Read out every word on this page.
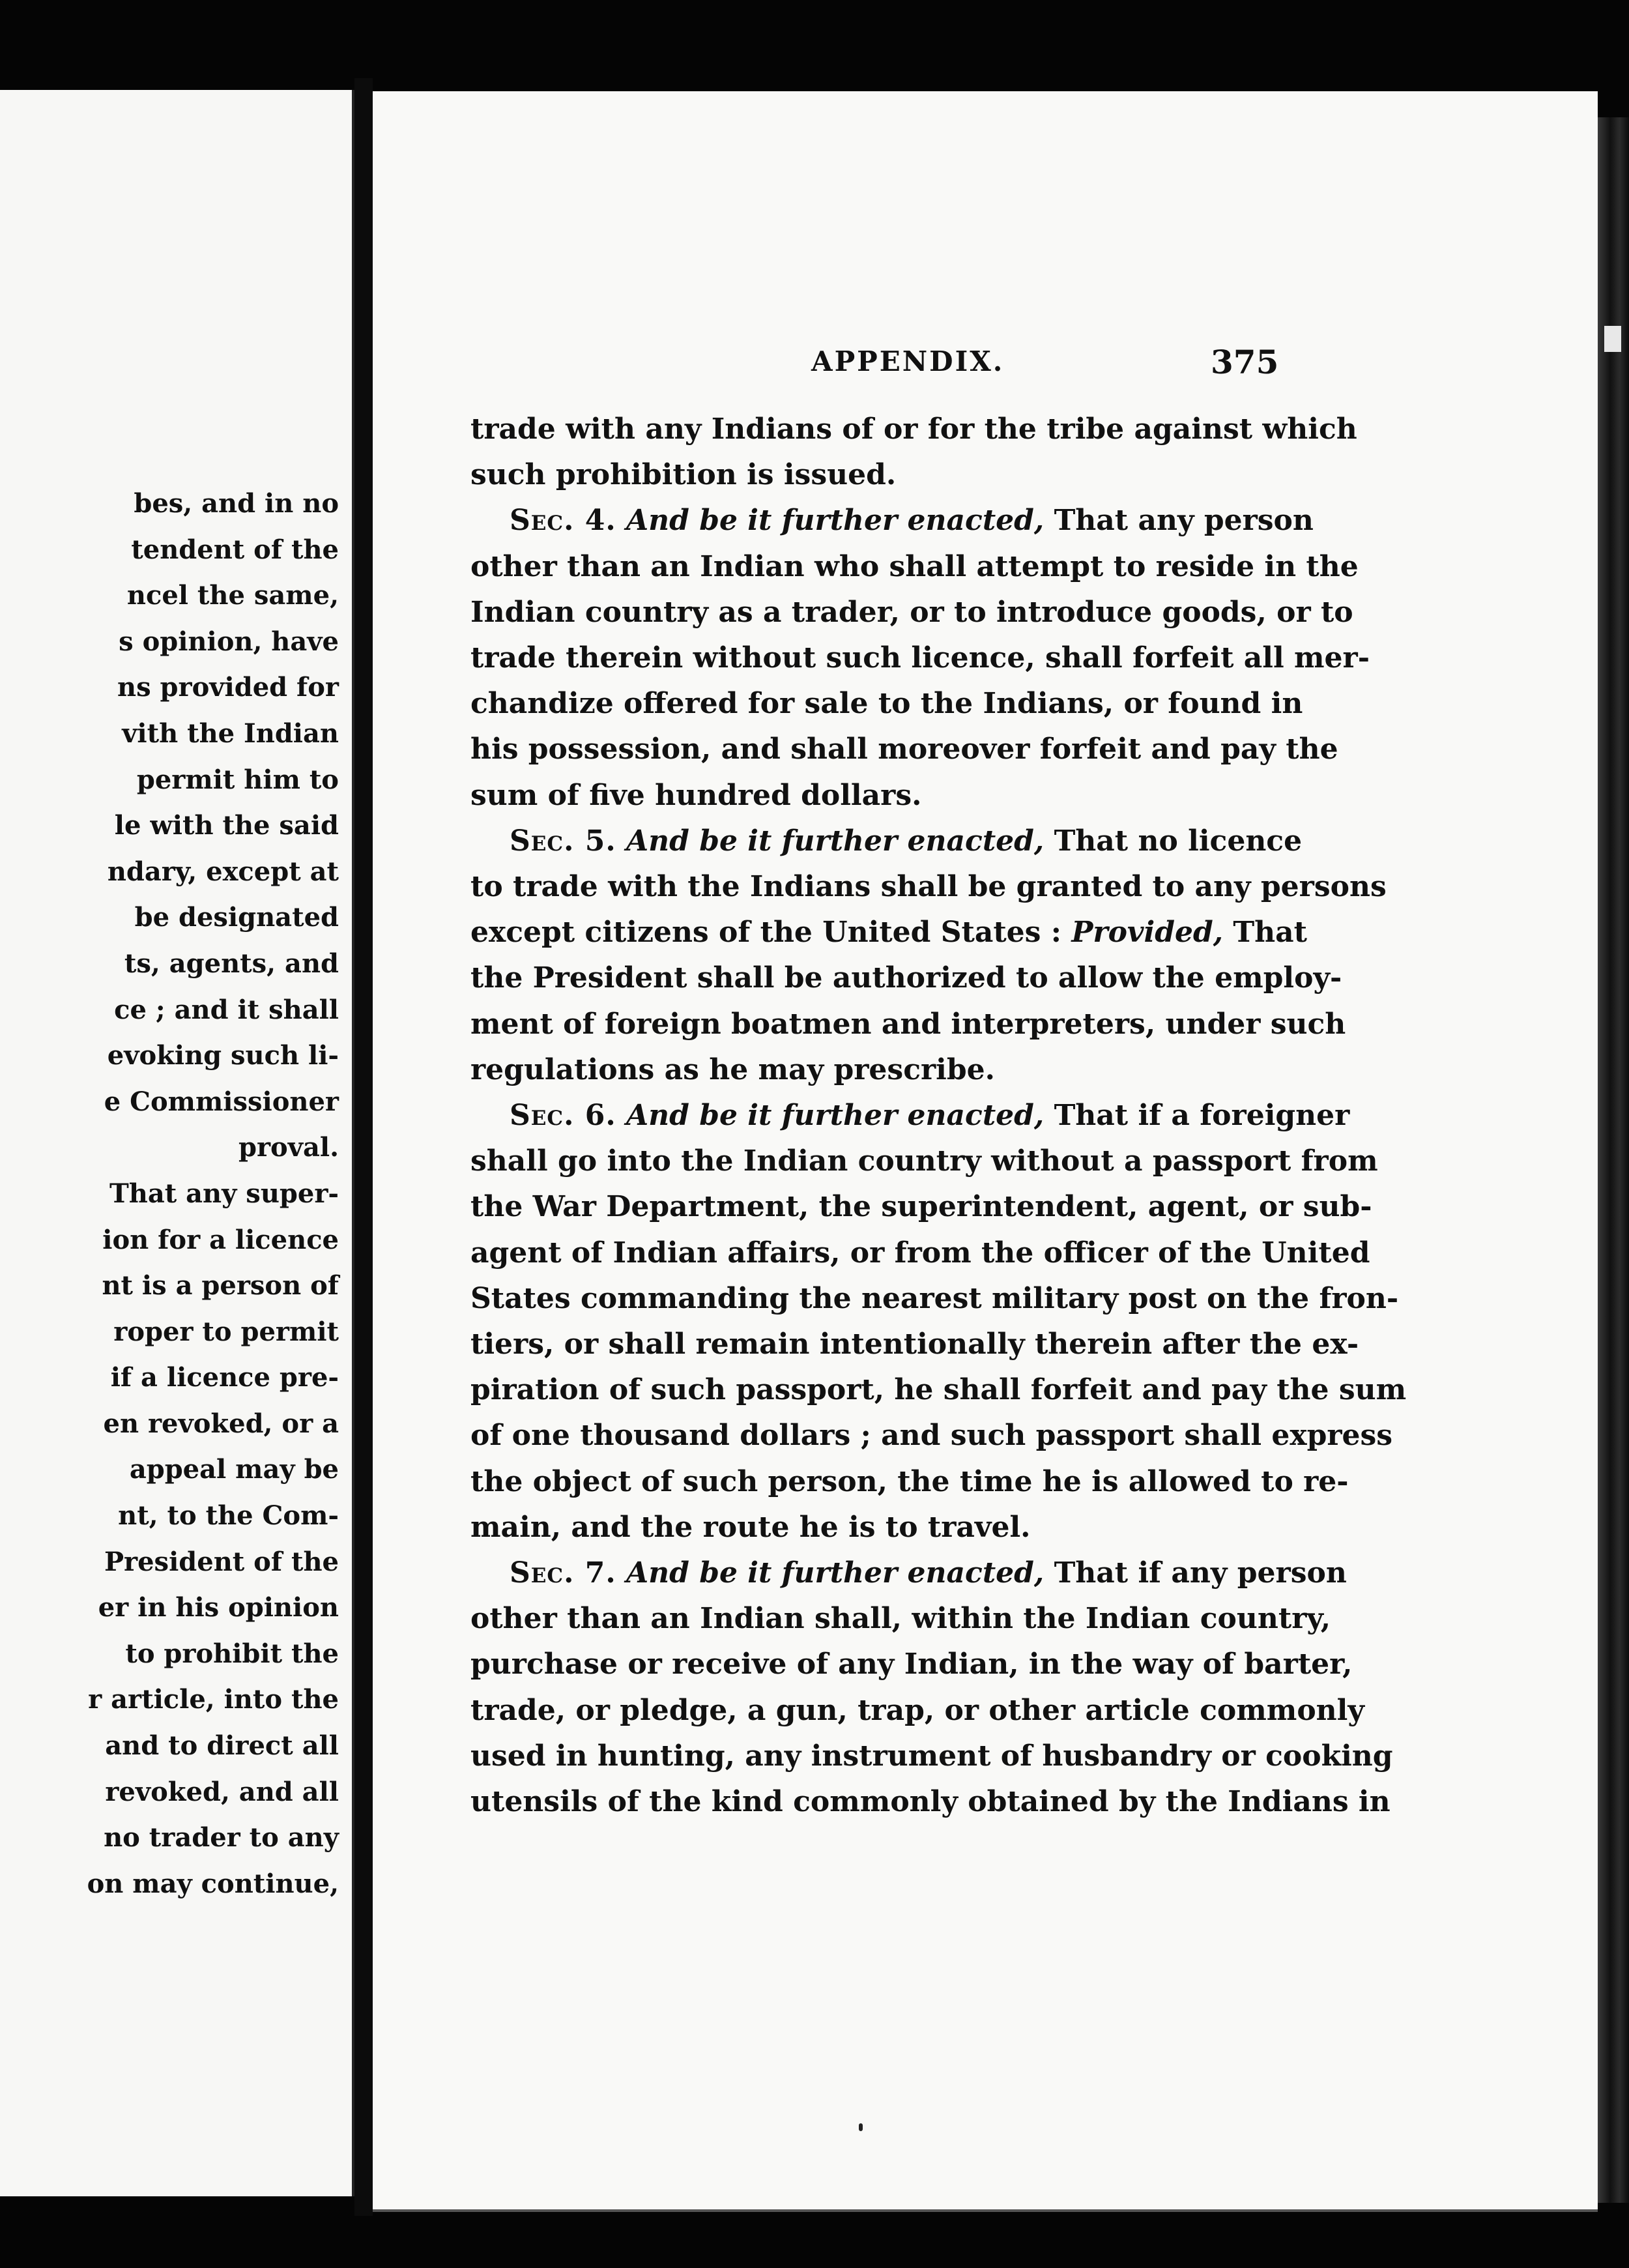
bes, and in no
tendent of the
ncel the same,
s opinion, have
ns provided for
vith the Indian
permit him to
le with the said
ndary, except at
be designated
ts, agents, and
ce ; and it shall
evoking such li-
e Commissioner
proval.
That any super-
ion for a licence
nt is a person of
roper to permit
if a licence pre-
en revoked, or a
appeal may be
nt, to the Com-
President of the
er in his opinion
to prohibit the
r article, into the
and to direct all
revoked, and all
no trader to any
on may continue,
APPENDIX.	375
trade with any Indians of or for the tribe against which
such prohibition is issued.
Sec. 4. And be it further enacted, That any person
other than an Indian who shall attempt to reside in the
Indian country as a trader, or to introduce goods, or to
trade therein without such licence, shall forfeit all mer-
chandize offered for sale to the Indians, or found in
his possession, and shall moreover forfeit and pay the
sum of five hundred dollars.
Sec. 5. And be it further enacted, That no licence
to trade with the Indians shall be granted to any persons
except citizens of the United States : Provided, That
the President shall be authorized to allow the employ-
ment of foreign boatmen and interpreters, under such
regulations as he may prescribe.
Sec. 6. And be it further enacted, That if a foreigner
shall go into the Indian country without a passport from
the War Department, the superintendent, agent, or sub-
agent of Indian affairs, or from the officer of the United
States commanding the nearest military post on the fron-
tiers, or shall remain intentionally therein after the ex-
piration of such passport, he shall forfeit and pay the sum
of one thousand dollars ; and such passport shall express
the object of such person, the time he is allowed to re-
main, and the route he is to travel.
Sec. 7. And be it further enacted, That if any person
other than an Indian shall, within the Indian country,
purchase or receive of any Indian, in the way of barter,
trade, or pledge, a gun, trap, or other article commonly
used in hunting, any instrument of husbandry or cooking
utensils of the kind commonly obtained by the Indians in
